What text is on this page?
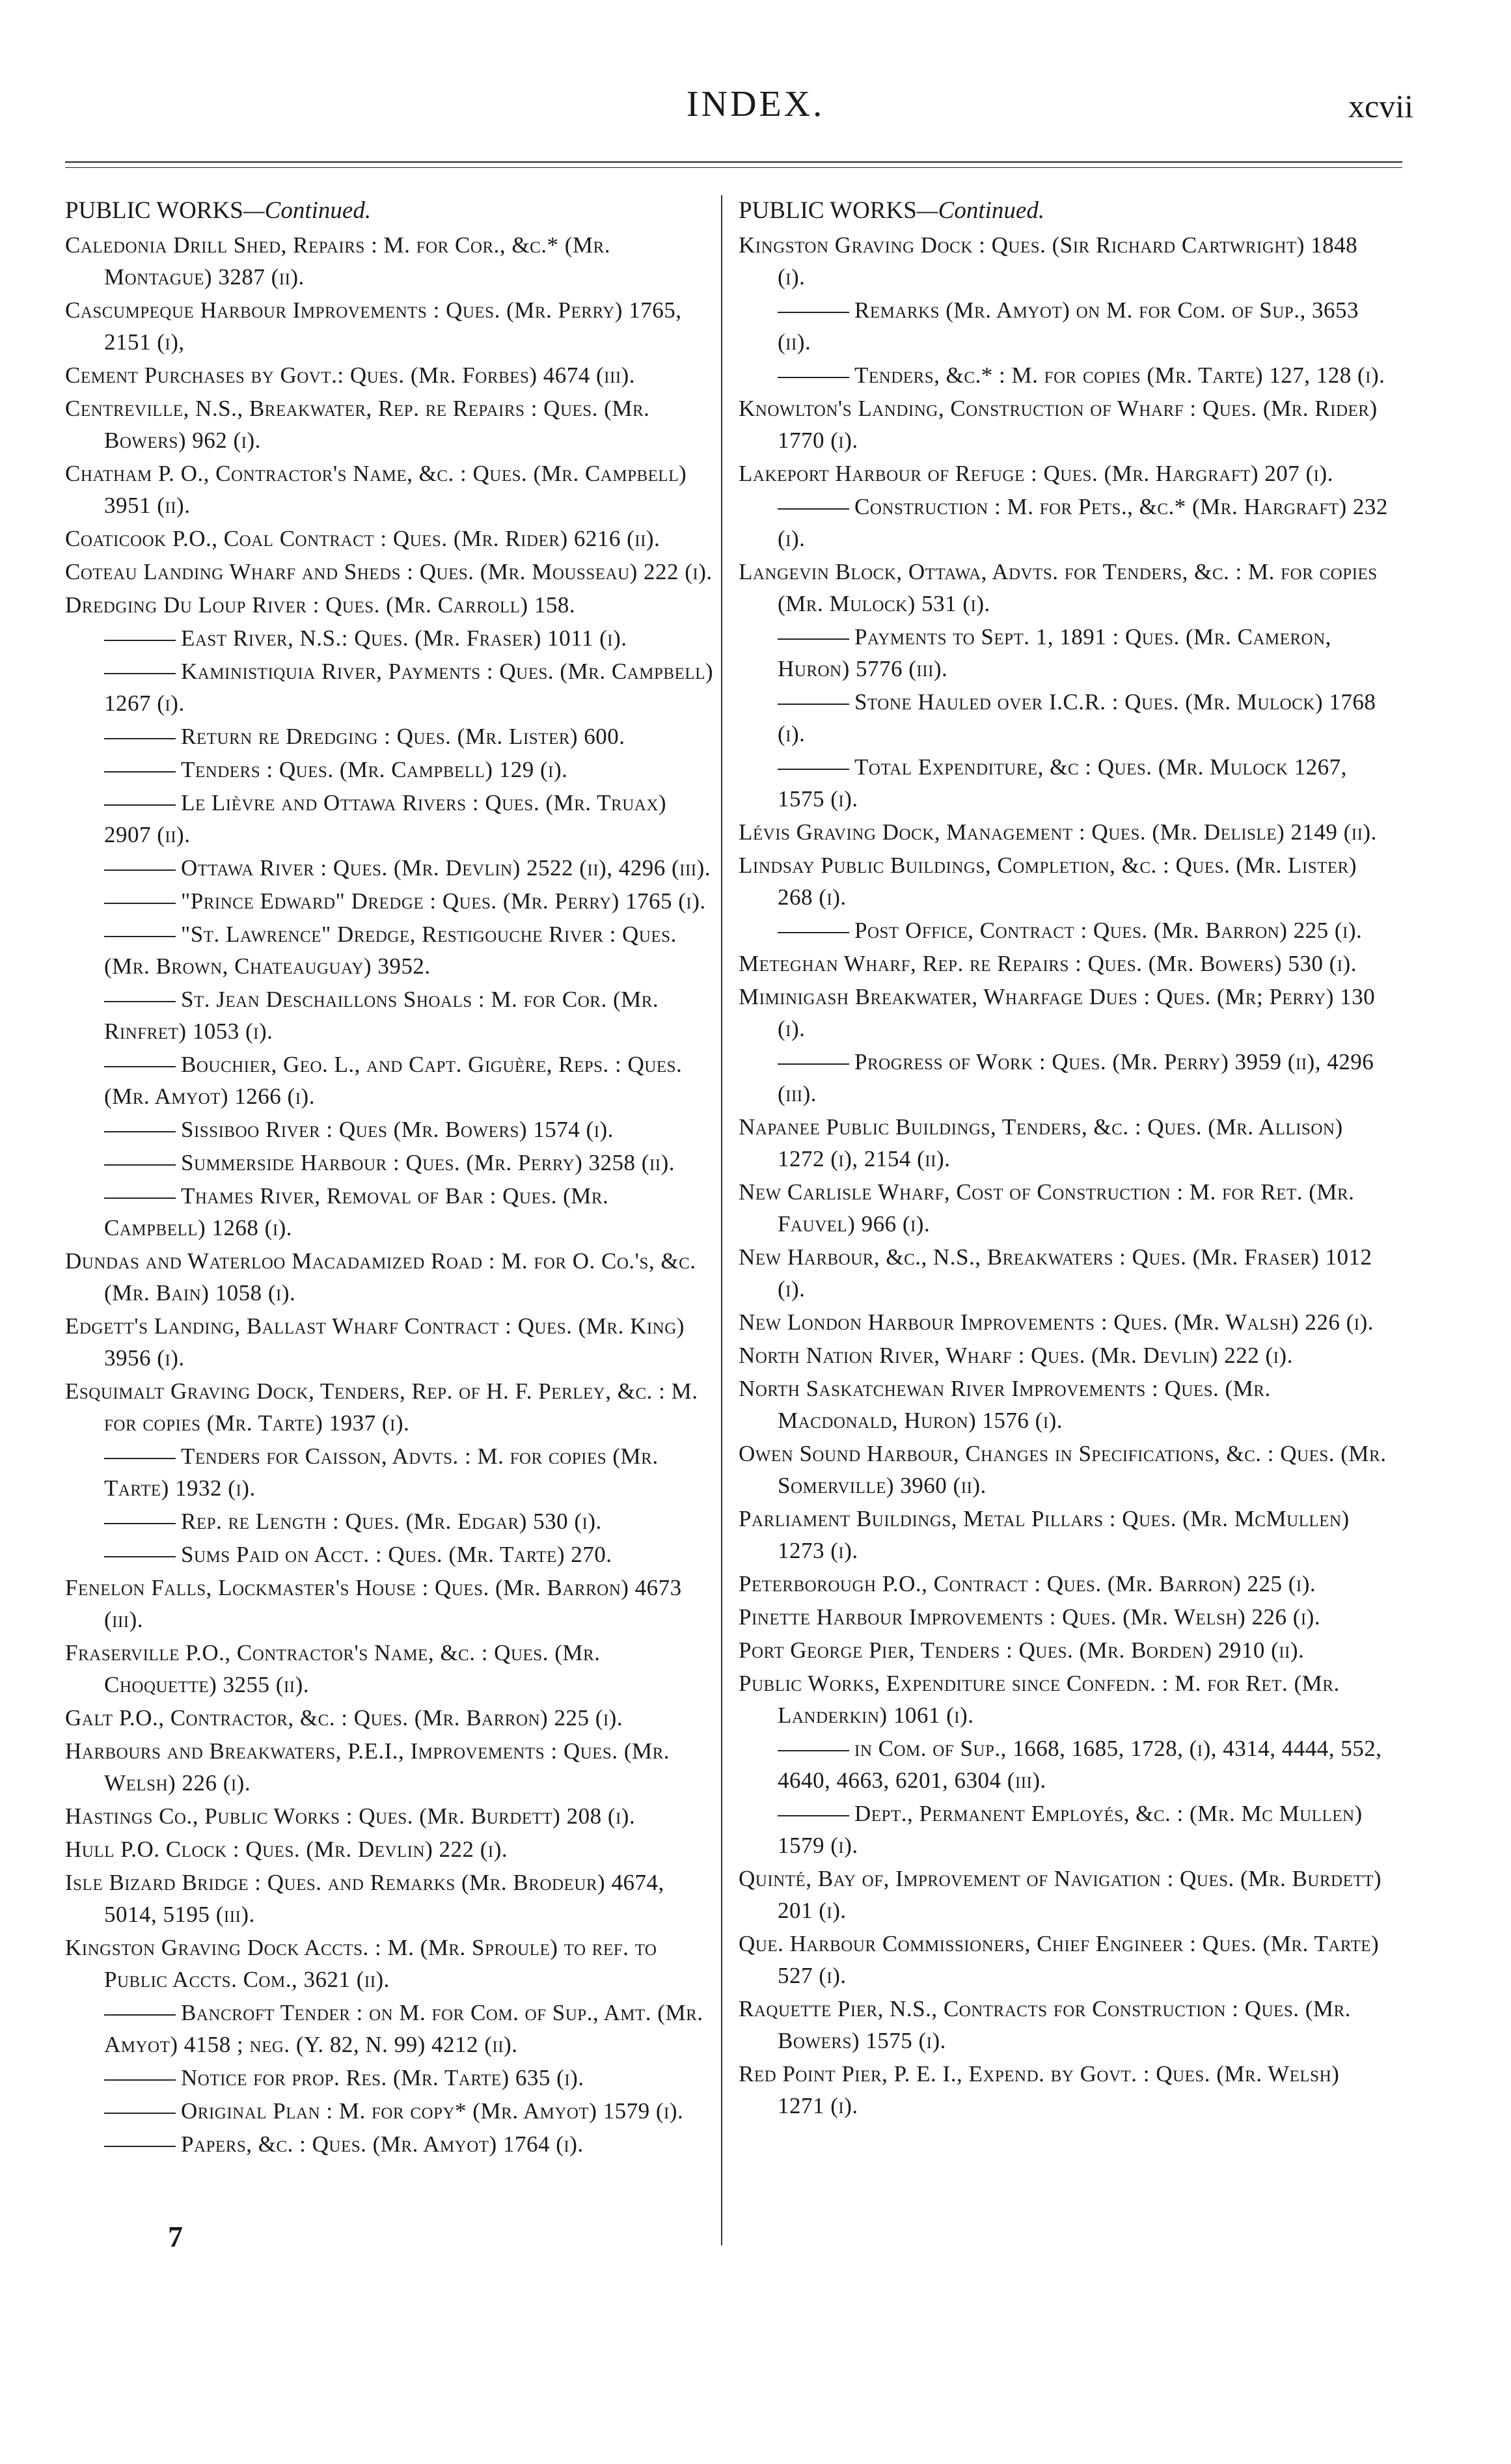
INDEX.	xcvii
PUBLIC WORKS—Continued.

Caledonia Drill Shed, Repairs : M. for Cor., &c.* (Mr. Montague) 3287 (ii).

Cascumpeque Harbour Improvements : Ques. (Mr. Perry) 1765, 2151 (i),

Cement Purchases by Govt.: Ques. (Mr. Forbes) 4674 (iii).

Centreville, N.S., Breakwater, Rep. re Repairs : Ques. (Mr. Bowers) 962 (i).

Chatham P. O., Contractor's Name, &c. : Ques. (Mr. Campbell) 3951 (ii).

Coaticook P.O., Coal Contract : Ques. (Mr. Rider) 6216 (ii).

Coteau Landing Wharf and Sheds : Ques. (Mr. Mousseau) 222 (i).

Dredging Du Loup River : Ques. (Mr. Carroll) 158.

East River, N.S.: Ques. (Mr. Fraser) 1011 (i).

Kaministiquia River, Payments : Ques. (Mr. Campbell) 1267 (i).

Return re Dredging : Ques. (Mr. Lister) 600.

Tenders : Ques. (Mr. Campbell) 129 (i).

Le Lièvre and Ottawa Rivers : Ques. (Mr. Truax) 2907 (ii).

Ottawa River : Ques. (Mr. Devlin) 2522 (ii), 4296 (iii).

"Prince Edward" Dredge : Ques. (Mr. Perry) 1765 (i).

"St. Lawrence" Dredge, Restigouche River : Ques. (Mr. Brown, Chateauguay) 3952.

St. Jean Deschaillons Shoals : M. for Cor. (Mr. Rinfret) 1053 (i).

Bouchier, Geo. L., and Capt. Giguère, Reps. : Ques. (Mr. Amyot) 1266 (i).

Sissiboo River : Ques (Mr. Bowers) 1574 (i).

Summerside Harbour : Ques. (Mr. Perry) 3258 (ii).

Thames River, Removal of Bar : Ques. (Mr. Campbell) 1268 (i).

Dundas and Waterloo Macadamized Road : M. for O. Co.'s, &c. (Mr. Bain) 1058 (i).

Edgett's Landing, Ballast Wharf Contract : Ques. (Mr. King) 3956 (i).

Esquimalt Graving Dock, Tenders, Rep. of H. F. Perley, &c. : M. for copies (Mr. Tarte) 1937 (i).

Tenders for Caisson, Advts. : M. for copies (Mr. Tarte) 1932 (i).

Rep. re Length : Ques. (Mr. Edgar) 530 (i).

Sums Paid on Acct. : Ques. (Mr. Tarte) 270.

Fenelon Falls, Lockmaster's House : Ques. (Mr. Barron) 4673 (iii).

Fraserville P.O., Contractor's Name, &c. : Ques. (Mr. Choquette) 3255 (ii).

Galt P.O., Contractor, &c. : Ques. (Mr. Barron) 225 (i).

Harbours and Breakwaters, P.E.I., Improvements : Ques. (Mr. Welsh) 226 (i).

Hastings Co., Public Works : Ques. (Mr. Burdett) 208 (i).

Hull P.O. Clock : Ques. (Mr. Devlin) 222 (i).

Isle Bizard Bridge : Ques. and Remarks (Mr. Brodeur) 4674, 5014, 5195 (iii).

Kingston Graving Dock Accts. : M. (Mr. Sproule) to ref. to Public Accts. Com., 3621 (ii).

Bancroft Tender : on M. for Com. of Sup., Amt. (Mr. Amyot) 4158 ; neg. (Y. 82, N. 99) 4212 (ii).

Notice for prop. Res. (Mr. Tarte) 635 (i).

Original Plan : M. for copy* (Mr. Amyot) 1579 (i).

Papers, &c. : Ques. (Mr. Amyot) 1764 (i).

PUBLIC WORKS—Continued.

Kingston Graving Dock : Ques. (Sir Richard Cartwright) 1848 (i).

Remarks (Mr. Amyot) on M. for Com. of Sup., 3653 (ii).

Tenders, &c.* : M. for copies (Mr. Tarte) 127, 128 (i).

Knowlton's Landing, Construction of Wharf : Ques. (Mr. Rider) 1770 (i).

Lakeport Harbour of Refuge : Ques. (Mr. Hargraft) 207 (i).

Construction : M. for Pets., &c.* (Mr. Hargraft) 232 (i).

Langevin Block, Ottawa, Advts. for Tenders, &c. : M. for copies (Mr. Mulock) 531 (i).

Payments to Sept. 1, 1891 : Ques. (Mr. Cameron, Huron) 5776 (iii).

Stone Hauled over I.C.R. : Ques. (Mr. Mulock) 1768 (i).

Total Expenditure, &c : Ques. (Mr. Mulock 1267, 1575 (i).

Lévis Graving Dock, Management : Ques. (Mr. Delisle) 2149 (ii).

Lindsay Public Buildings, Completion, &c. : Ques. (Mr. Lister) 268 (i).

Post Office, Contract : Ques. (Mr. Barron) 225 (i).

Meteghan Wharf, Rep. re Repairs : Ques. (Mr. Bowers) 530 (i).

Miminigash Breakwater, Wharfage Dues : Ques. (Mr; Perry) 130 (i).

Progress of Work : Ques. (Mr. Perry) 3959 (ii), 4296 (iii).

Napanee Public Buildings, Tenders, &c. : Ques. (Mr. Allison) 1272 (i), 2154 (ii).

New Carlisle Wharf, Cost of Construction : M. for Ret. (Mr. Fauvel) 966 (i).

New Harbour, &c., N.S., Breakwaters : Ques. (Mr. Fraser) 1012 (i).

New London Harbour Improvements : Ques. (Mr. Walsh) 226 (i).

North Nation River, Wharf : Ques. (Mr. Devlin) 222 (i).

North Saskatchewan River Improvements : Ques. (Mr. Macdonald, Huron) 1576 (i).

Owen Sound Harbour, Changes in Specifications, &c. : Ques. (Mr. Somerville) 3960 (ii).

Parliament Buildings, Metal Pillars : Ques. (Mr. McMullen) 1273 (i).

Peterborough P.O., Contract : Ques. (Mr. Barron) 225 (i).

Pinette Harbour Improvements : Ques. (Mr. Welsh) 226 (i).

Port George Pier, Tenders : Ques. (Mr. Borden) 2910 (ii).

Public Works, Expenditure since Confedn. : M. for Ret. (Mr. Landerkin) 1061 (i).

in Com. of Sup., 1668, 1685, 1728, (i), 4314, 4444, 552, 4640, 4663, 6201, 6304 (iii).

Dept., Permanent Employés, &c. : (Mr. Mc Mullen) 1579 (i).

Quinté, Bay of, Improvement of Navigation : Ques. (Mr. Burdett) 201 (i).

Que. Harbour Commissioners, Chief Engineer : Ques. (Mr. Tarte) 527 (i).

Raquette Pier, N.S., Contracts for Construction : Ques. (Mr. Bowers) 1575 (i).

Red Point Pier, P. E. I., Expend. by Govt. : Ques. (Mr. Welsh) 1271 (i).

7
